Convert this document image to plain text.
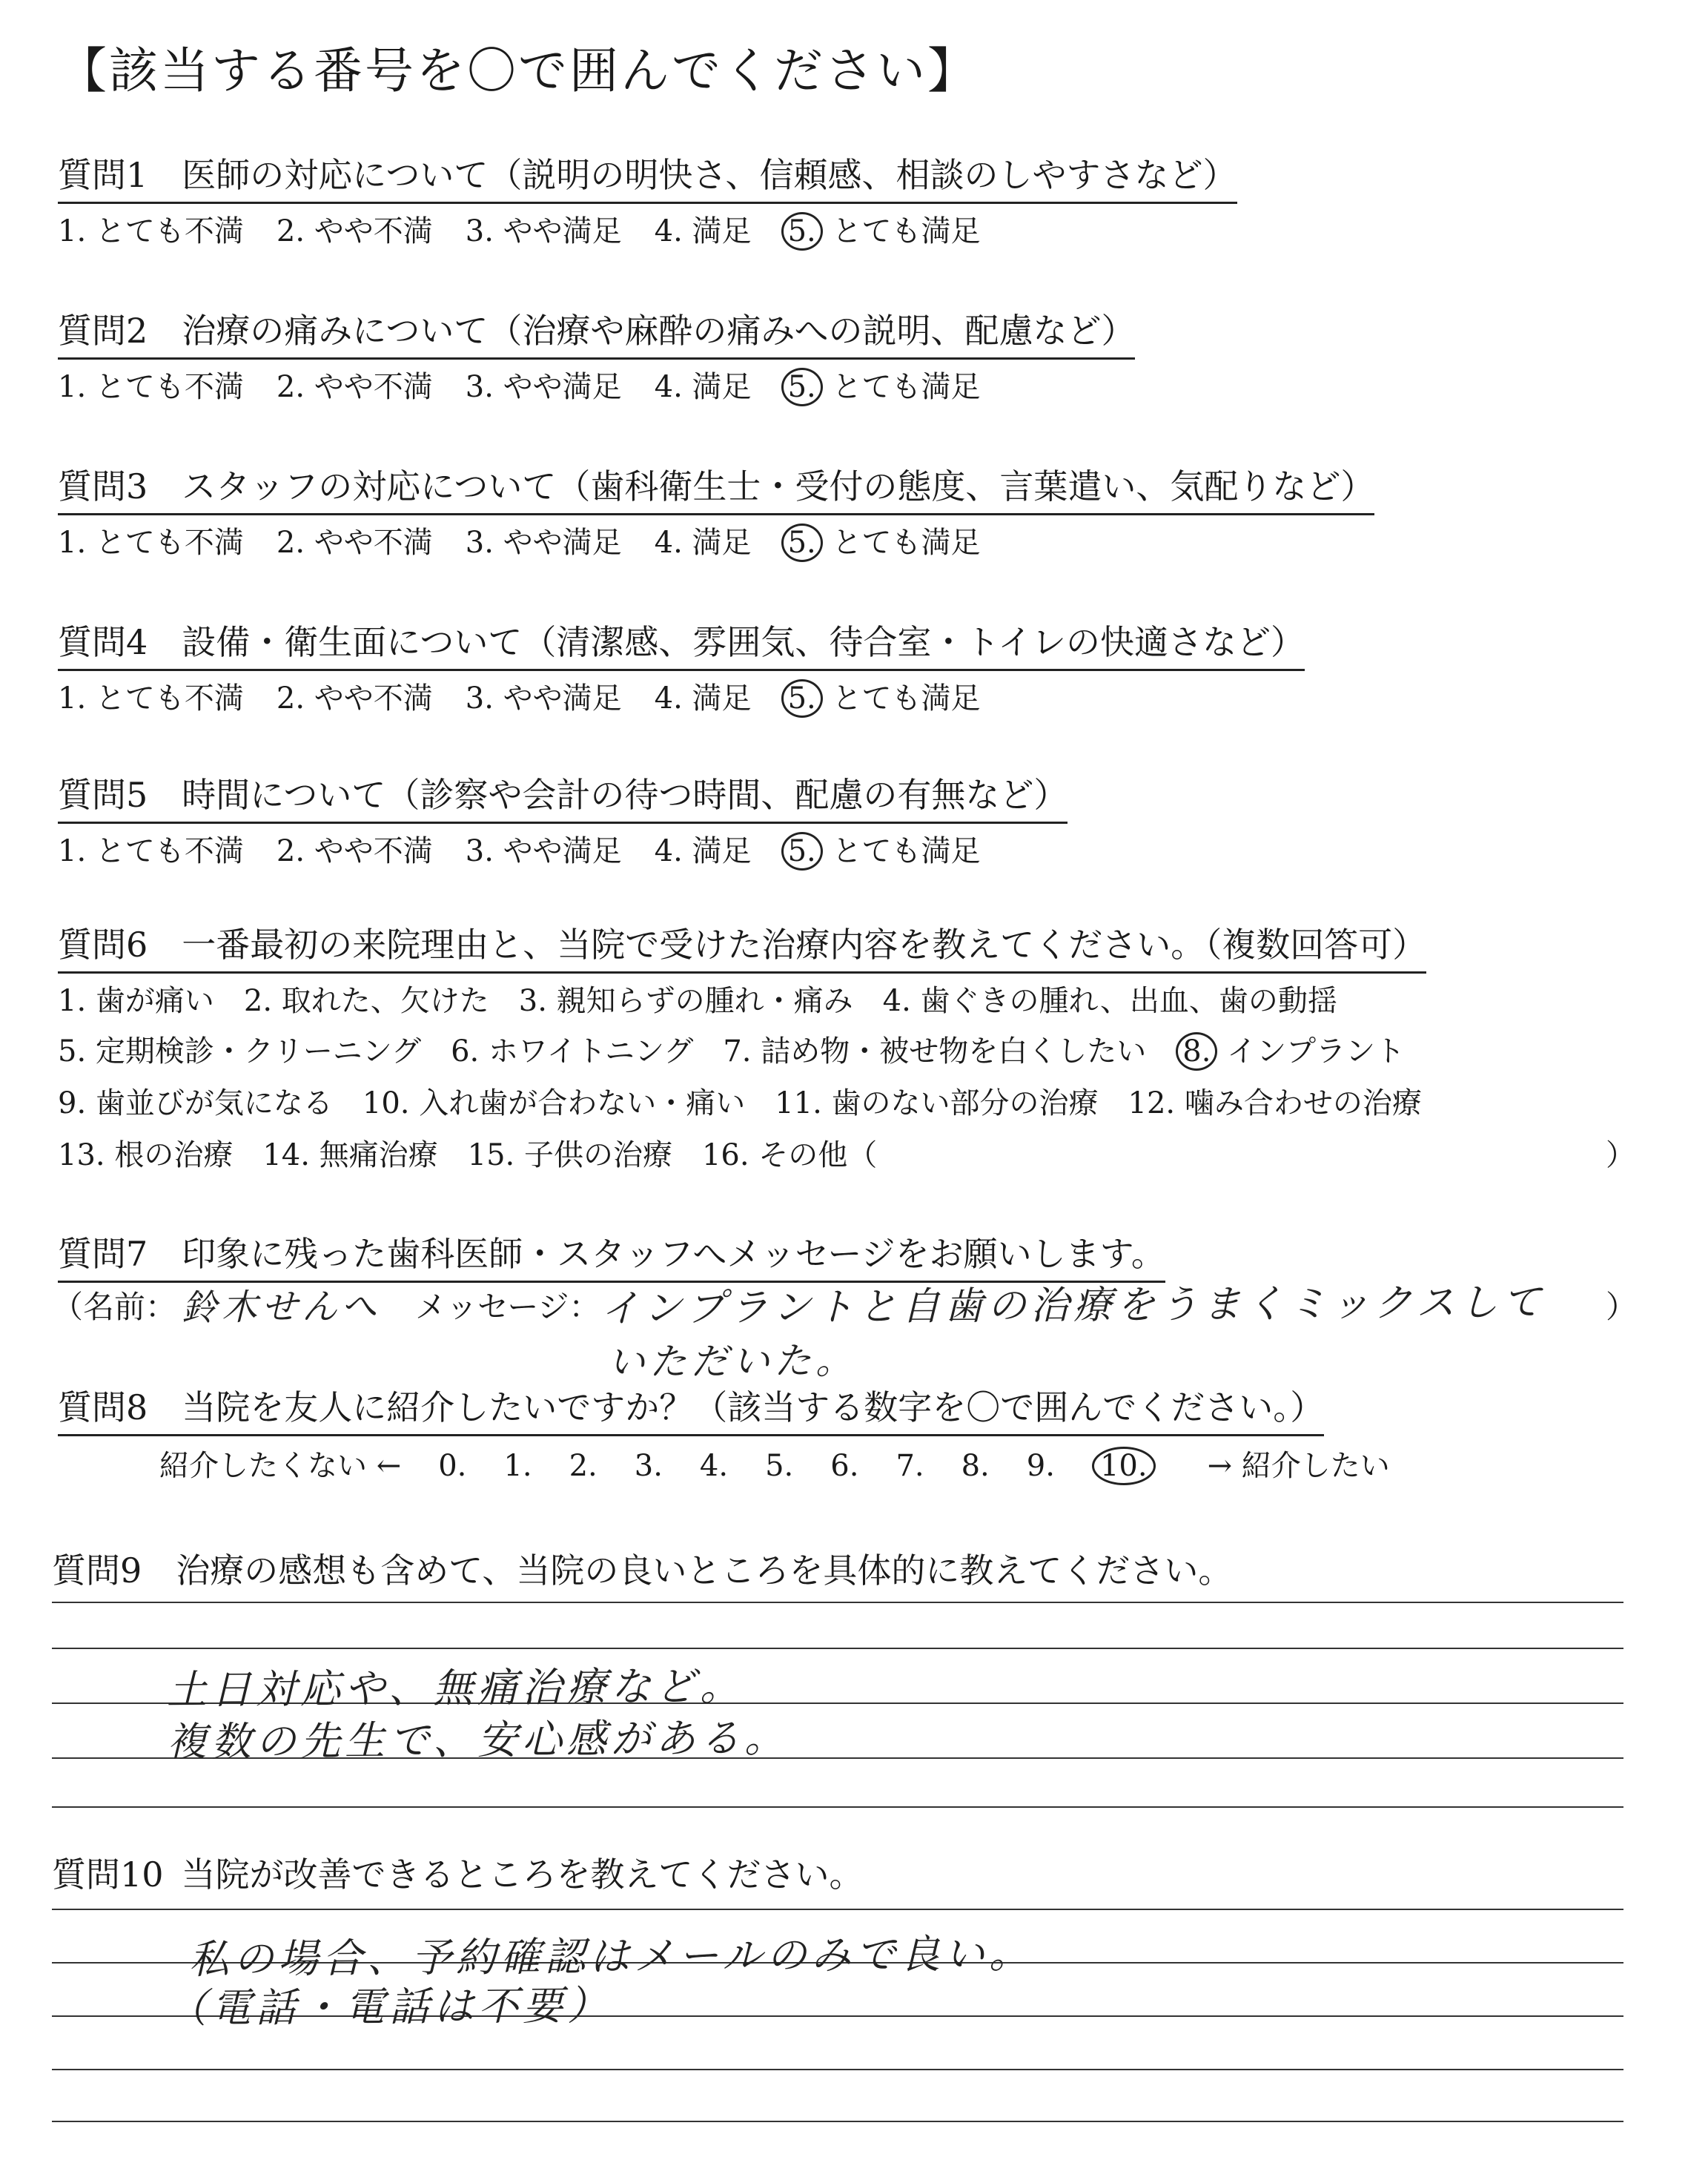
【該当する番号を〇で囲んでください】
質問1 医師の対応について（説明の明快さ、信頼感、相談のしやすさなど）
1. とても不満 2. やや不満 3. やや満足 4. 満足 5. とても満足
質問2 治療の痛みについて（治療や麻酔の痛みへの説明、配慮など）
1. とても不満 2. やや不満 3. やや満足 4. 満足 5. とても満足
質問3 スタッフの対応について（歯科衛生士・受付の態度、言葉遣い、気配りなど）
1. とても不満 2. やや不満 3. やや満足 4. 満足 5. とても満足
質問4 設備・衛生面について（清潔感、雰囲気、待合室・トイレの快適さなど）
1. とても不満 2. やや不満 3. やや満足 4. 満足 5. とても満足
質問5 時間について（診察や会計の待つ時間、配慮の有無など）
1. とても不満 2. やや不満 3. やや満足 4. 満足 5. とても満足
質問6 一番最初の来院理由と、当院で受けた治療内容を教えてください。（複数回答可）
1. 歯が痛い　2. 取れた、欠けた　3. 親知らずの腫れ・痛み　4. 歯ぐきの腫れ、出血、歯の動揺
5. 定期検診・クリーニング　6. ホワイトニング　7. 詰め物・被せ物を白くしたい　8. インプラント
9. 歯並びが気になる　10. 入れ歯が合わない・痛い　11. 歯のない部分の治療　12. 噛み合わせの治療
13. 根の治療　14. 無痛治療　15. 子供の治療　16. その他（	）
質問7 印象に残った歯科医師・スタッフへメッセージをお願いします。
（名前： 鈴木せんへ メッセージ： インプラントと自歯の治療をうまくミックスして
いただいた。
）
質問8 当院を友人に紹介したいですか？（該当する数字を〇で囲んでください。）
紹介したくない ← 0. 1. 2. 3. 4. 5. 6. 7. 8. 9. 10. → 紹介したい
質問9 治療の感想も含めて、当院の良いところを具体的に教えてください。
土日対応や、無痛治療など。
複数の先生で、安心感がある。
質問10 当院が改善できるところを教えてください。
私の場合、予約確認はメールのみで良い。
（電話・電話は不要）
